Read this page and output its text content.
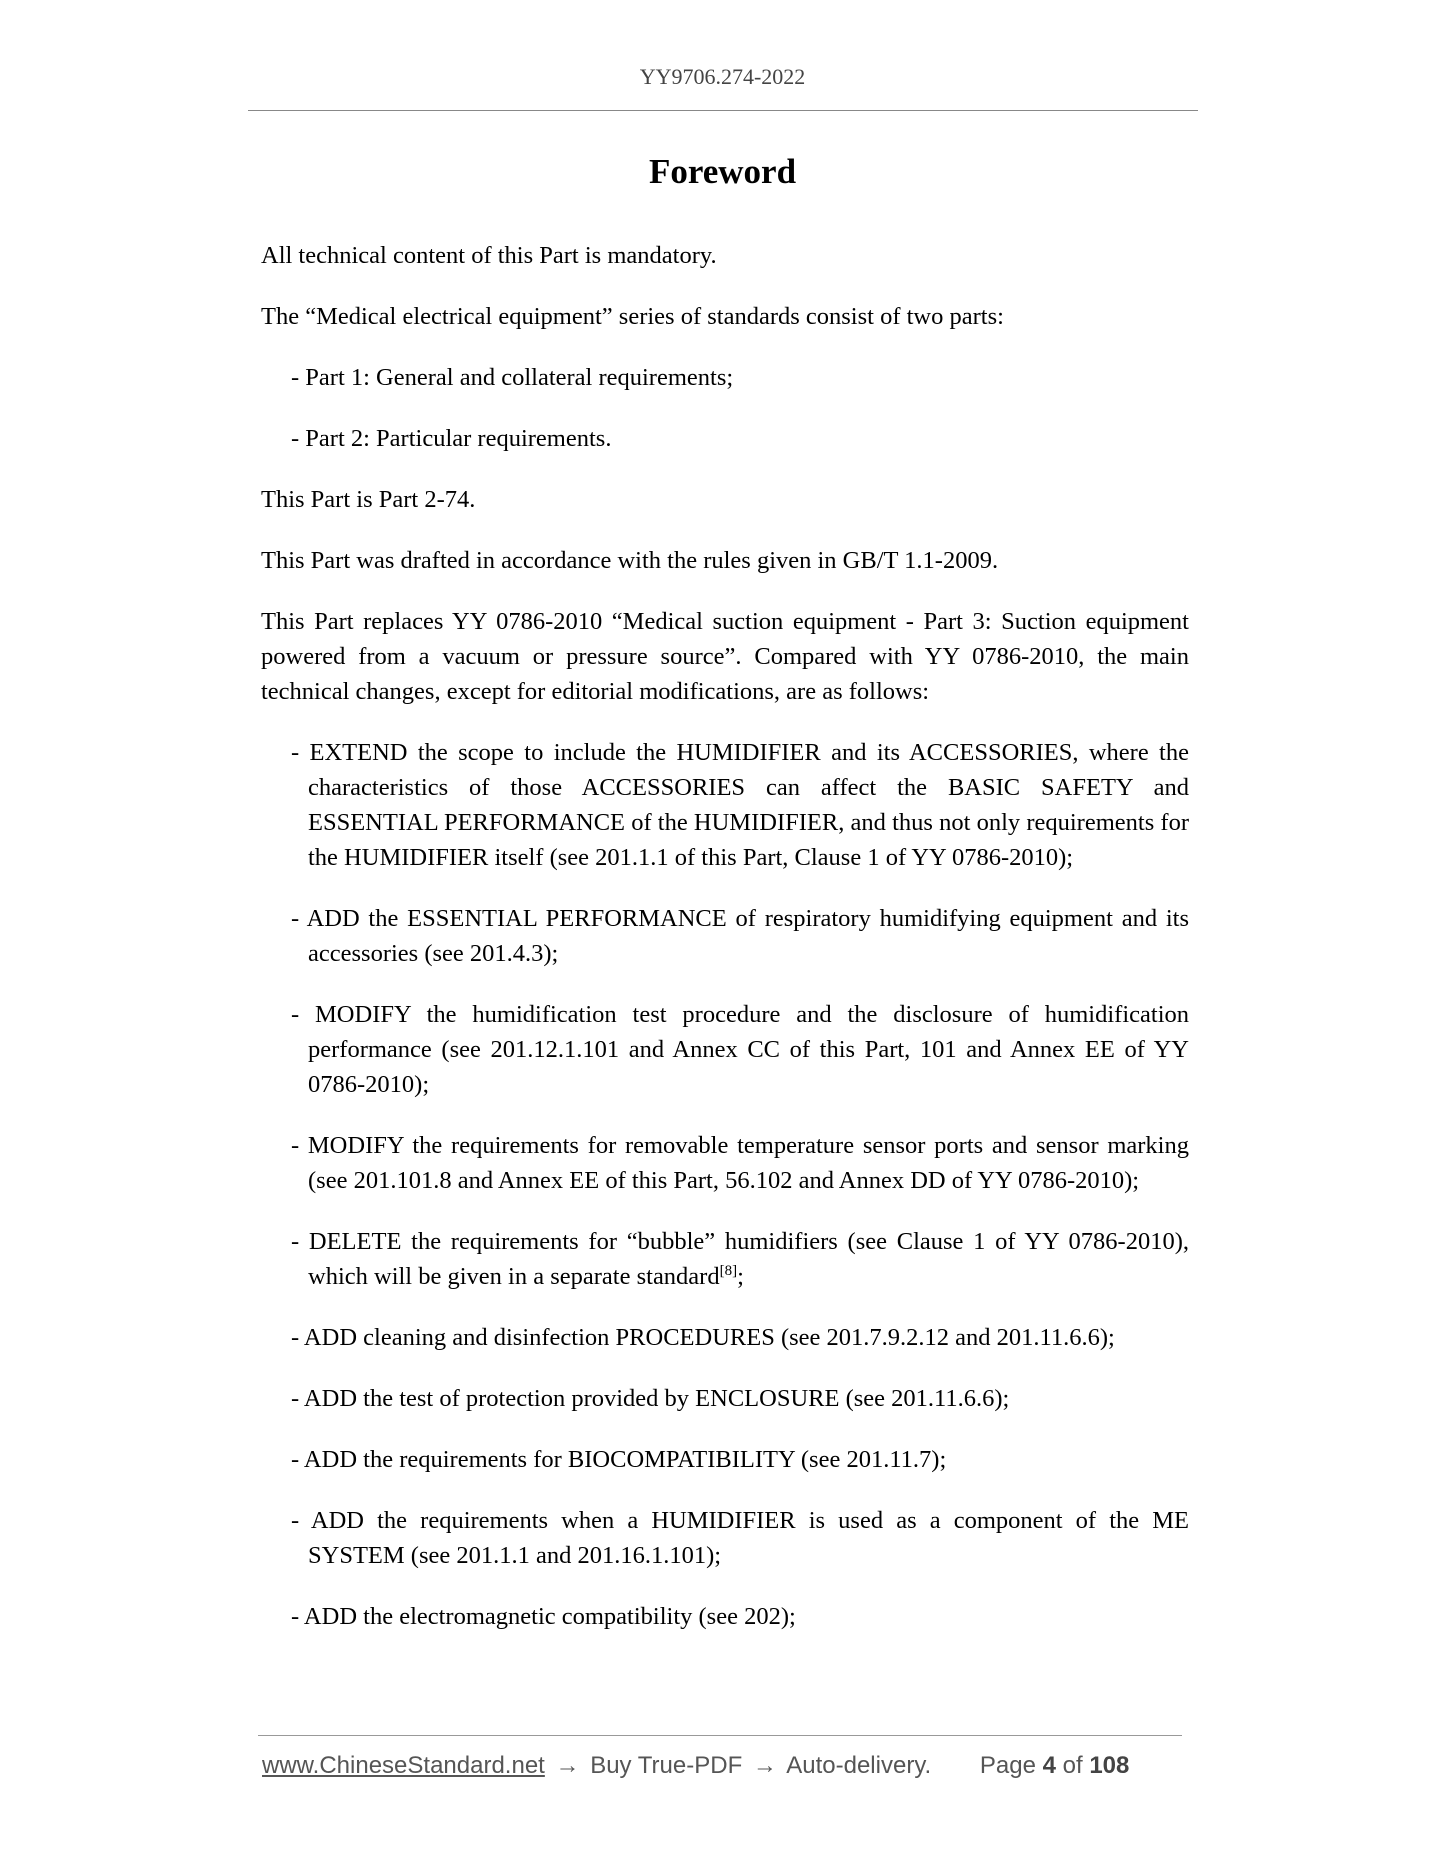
YY9706.274-2022
Foreword

All technical content of this Part is mandatory.

The “Medical electrical equipment” series of standards consist of two parts:

- Part 1: General and collateral requirements;
- Part 2: Particular requirements.

This Part is Part 2-74.

This Part was drafted in accordance with the rules given in GB/T 1.1-2009.

This Part replaces YY 0786-2010 “Medical suction equipment - Part 3: Suction equipment powered from a vacuum or pressure source”. Compared with YY 0786-2010, the main technical changes, except for editorial modifications, are as follows:

- EXTEND the scope to include the HUMIDIFIER and its ACCESSORIES, where the characteristics of those ACCESSORIES can affect the BASIC SAFETY and ESSENTIAL PERFORMANCE of the HUMIDIFIER, and thus not only requirements for the HUMIDIFIER itself (see 201.1.1 of this Part, Clause 1 of YY 0786-2010);
- ADD the ESSENTIAL PERFORMANCE of respiratory humidifying equipment and its accessories (see 201.4.3);
- MODIFY the humidification test procedure and the disclosure of humidification performance (see 201.12.1.101 and Annex CC of this Part, 101 and Annex EE of YY 0786-2010);
- MODIFY the requirements for removable temperature sensor ports and sensor marking (see 201.101.8 and Annex EE of this Part, 56.102 and Annex DD of YY 0786-2010);
- DELETE the requirements for “bubble” humidifiers (see Clause 1 of YY 0786-2010), which will be given in a separate standard[8];
- ADD cleaning and disinfection PROCEDURES (see 201.7.9.2.12 and 201.11.6.6);
- ADD the test of protection provided by ENCLOSURE (see 201.11.6.6);
- ADD the requirements for BIOCOMPATIBILITY (see 201.11.7);
- ADD the requirements when a HUMIDIFIER is used as a component of the ME SYSTEM (see 201.1.1 and 201.16.1.101);
- ADD the electromagnetic compatibility (see 202);
www.ChineseStandard.net → Buy True-PDF → Auto-delivery. Page 4 of 108
